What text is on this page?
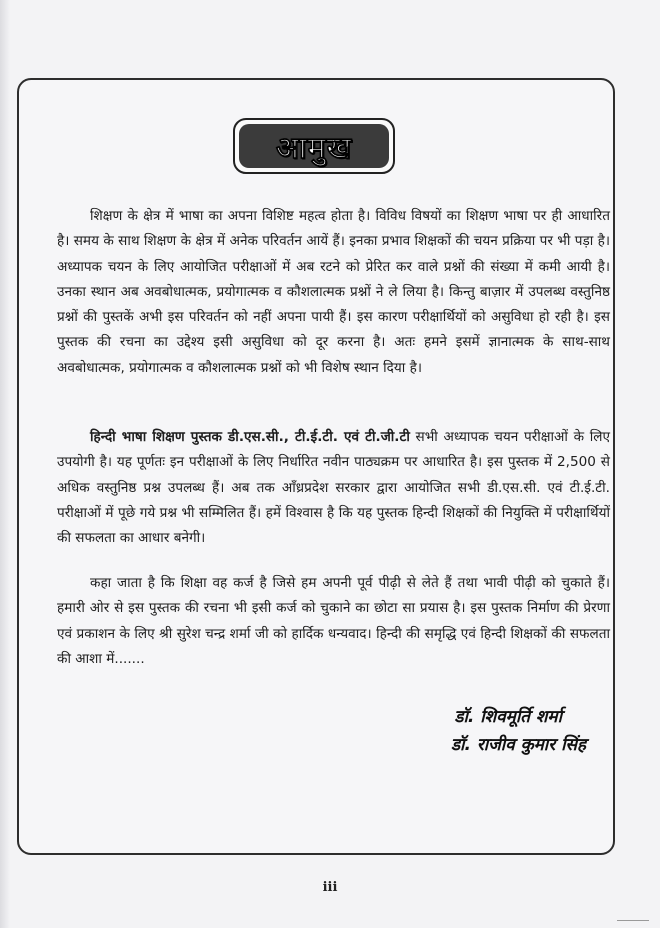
आमुख

शिक्षण के क्षेत्र में भाषा का अपना विशिष्ट महत्व होता है। विविध विषयों का शिक्षण भाषा पर ही आधारित है। समय के साथ शिक्षण के क्षेत्र में अनेक परिवर्तन आयें हैं। इनका प्रभाव शिक्षकों की चयन प्रक्रिया पर भी पड़ा है। अध्यापक चयन के लिए आयोजित परीक्षाओं में अब रटने को प्रेरित कर वाले प्रश्नों की संख्या में कमी आयी है। उनका स्थान अब अवबोधात्मक, प्रयोगात्मक व कौशलात्मक प्रश्नों ने ले लिया है। किन्तु बाज़ार में उपलब्ध वस्तुनिष्ठ प्रश्नों की पुस्तकें अभी इस परिवर्तन को नहीं अपना पायी हैं। इस कारण परीक्षार्थियों को असुविधा हो रही है। इस पुस्तक की रचना का उद्देश्य इसी असुविधा को दूर करना है। अतः हमने इसमें ज्ञानात्मक के साथ-साथ अवबोधात्मक, प्रयोगात्मक व कौशलात्मक प्रश्नों को भी विशेष स्थान दिया है।

हिन्दी भाषा शिक्षण पुस्तक डी.एस.सी., टी.ई.टी. एवं टी.जी.टी सभी अध्यापक चयन परीक्षाओं के लिए उपयोगी है। यह पूर्णतः इन परीक्षाओं के लिए निर्धारित नवीन पाठ्यक्रम पर आधारित है। इस पुस्तक में 2,500 से अधिक वस्तुनिष्ठ प्रश्न उपलब्ध हैं। अब तक आँध्रप्रदेश सरकार द्वारा आयोजित सभी डी.एस.सी. एवं टी.ई.टी. परीक्षाओं में पूछे गये प्रश्न भी सम्मिलित हैं। हमें विश्वास है कि यह पुस्तक हिन्दी शिक्षकों की नियुक्ति में परीक्षार्थियों की सफलता का आधार बनेगी।

कहा जाता है कि शिक्षा वह कर्ज है जिसे हम अपनी पूर्व पीढ़ी से लेते हैं तथा भावी पीढ़ी को चुकाते हैं। हमारी ओर से इस पुस्तक की रचना भी इसी कर्ज को चुकाने का छोटा सा प्रयास है। इस पुस्तक निर्माण की प्रेरणा एवं प्रकाशन के लिए श्री सुरेश चन्द्र शर्मा जी को हार्दिक धन्यवाद। हिन्दी की समृद्धि एवं हिन्दी शिक्षकों की सफलता की आशा में.......

डॉ. शिवमूर्ति शर्मा
डॉ. राजीव कुमार सिंह
iii
